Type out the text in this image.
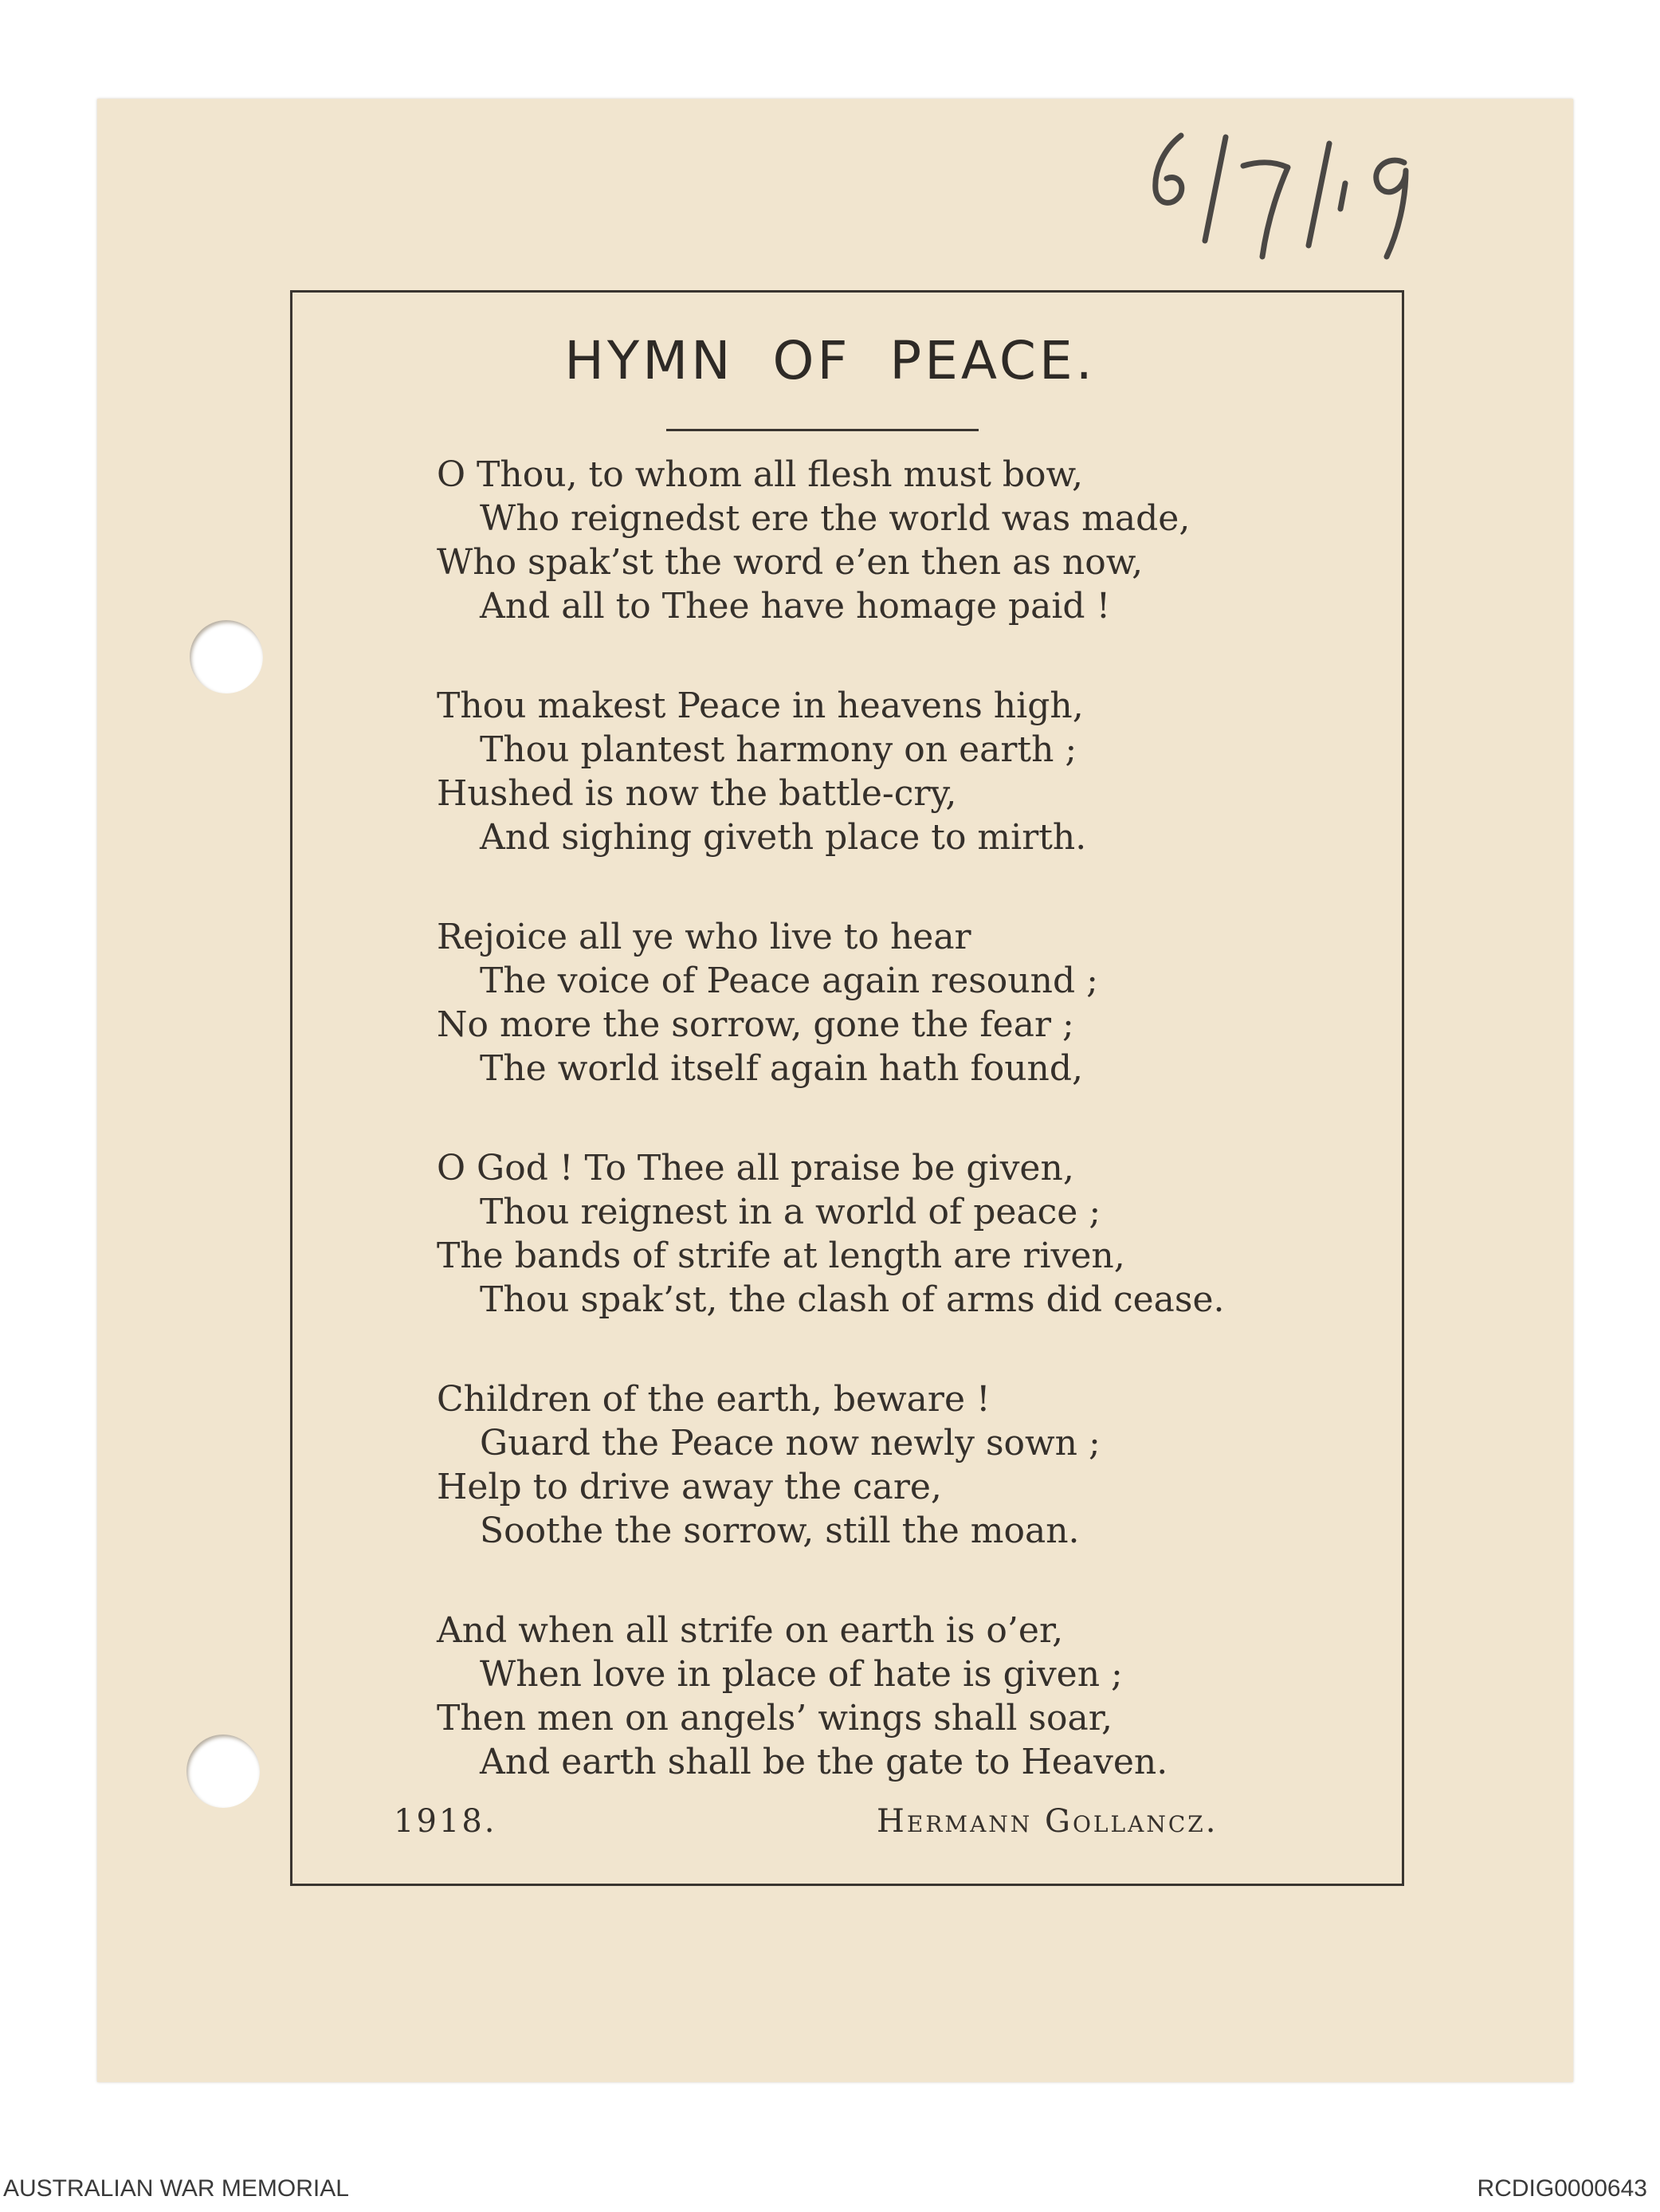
HYMN OF PEACE.
O Thou, to whom all flesh must bow,
Who reignedst ere the world was made,
Who spak’st the word e’en then as now,
And all to Thee have homage paid !
Thou makest Peace in heavens high,
Thou plantest harmony on earth ;
Hushed is now the battle-cry,
And sighing giveth place to mirth.
Rejoice all ye who live to hear
The voice of Peace again resound ;
No more the sorrow, gone the fear ;
The world itself again hath found,
O God ! To Thee all praise be given,
Thou reignest in a world of peace ;
The bands of strife at length are riven,
Thou spak’st, the clash of arms did cease.
Children of the earth, beware !
Guard the Peace now newly sown ;
Help to drive away the care,
Soothe the sorrow, still the moan.
And when all strife on earth is o’er,
When love in place of hate is given ;
Then men on angels’ wings shall soar,
And earth shall be the gate to Heaven.
1918.	Hermann Gollancz.
AUSTRALIAN WAR MEMORIAL	RCDIG0000643
